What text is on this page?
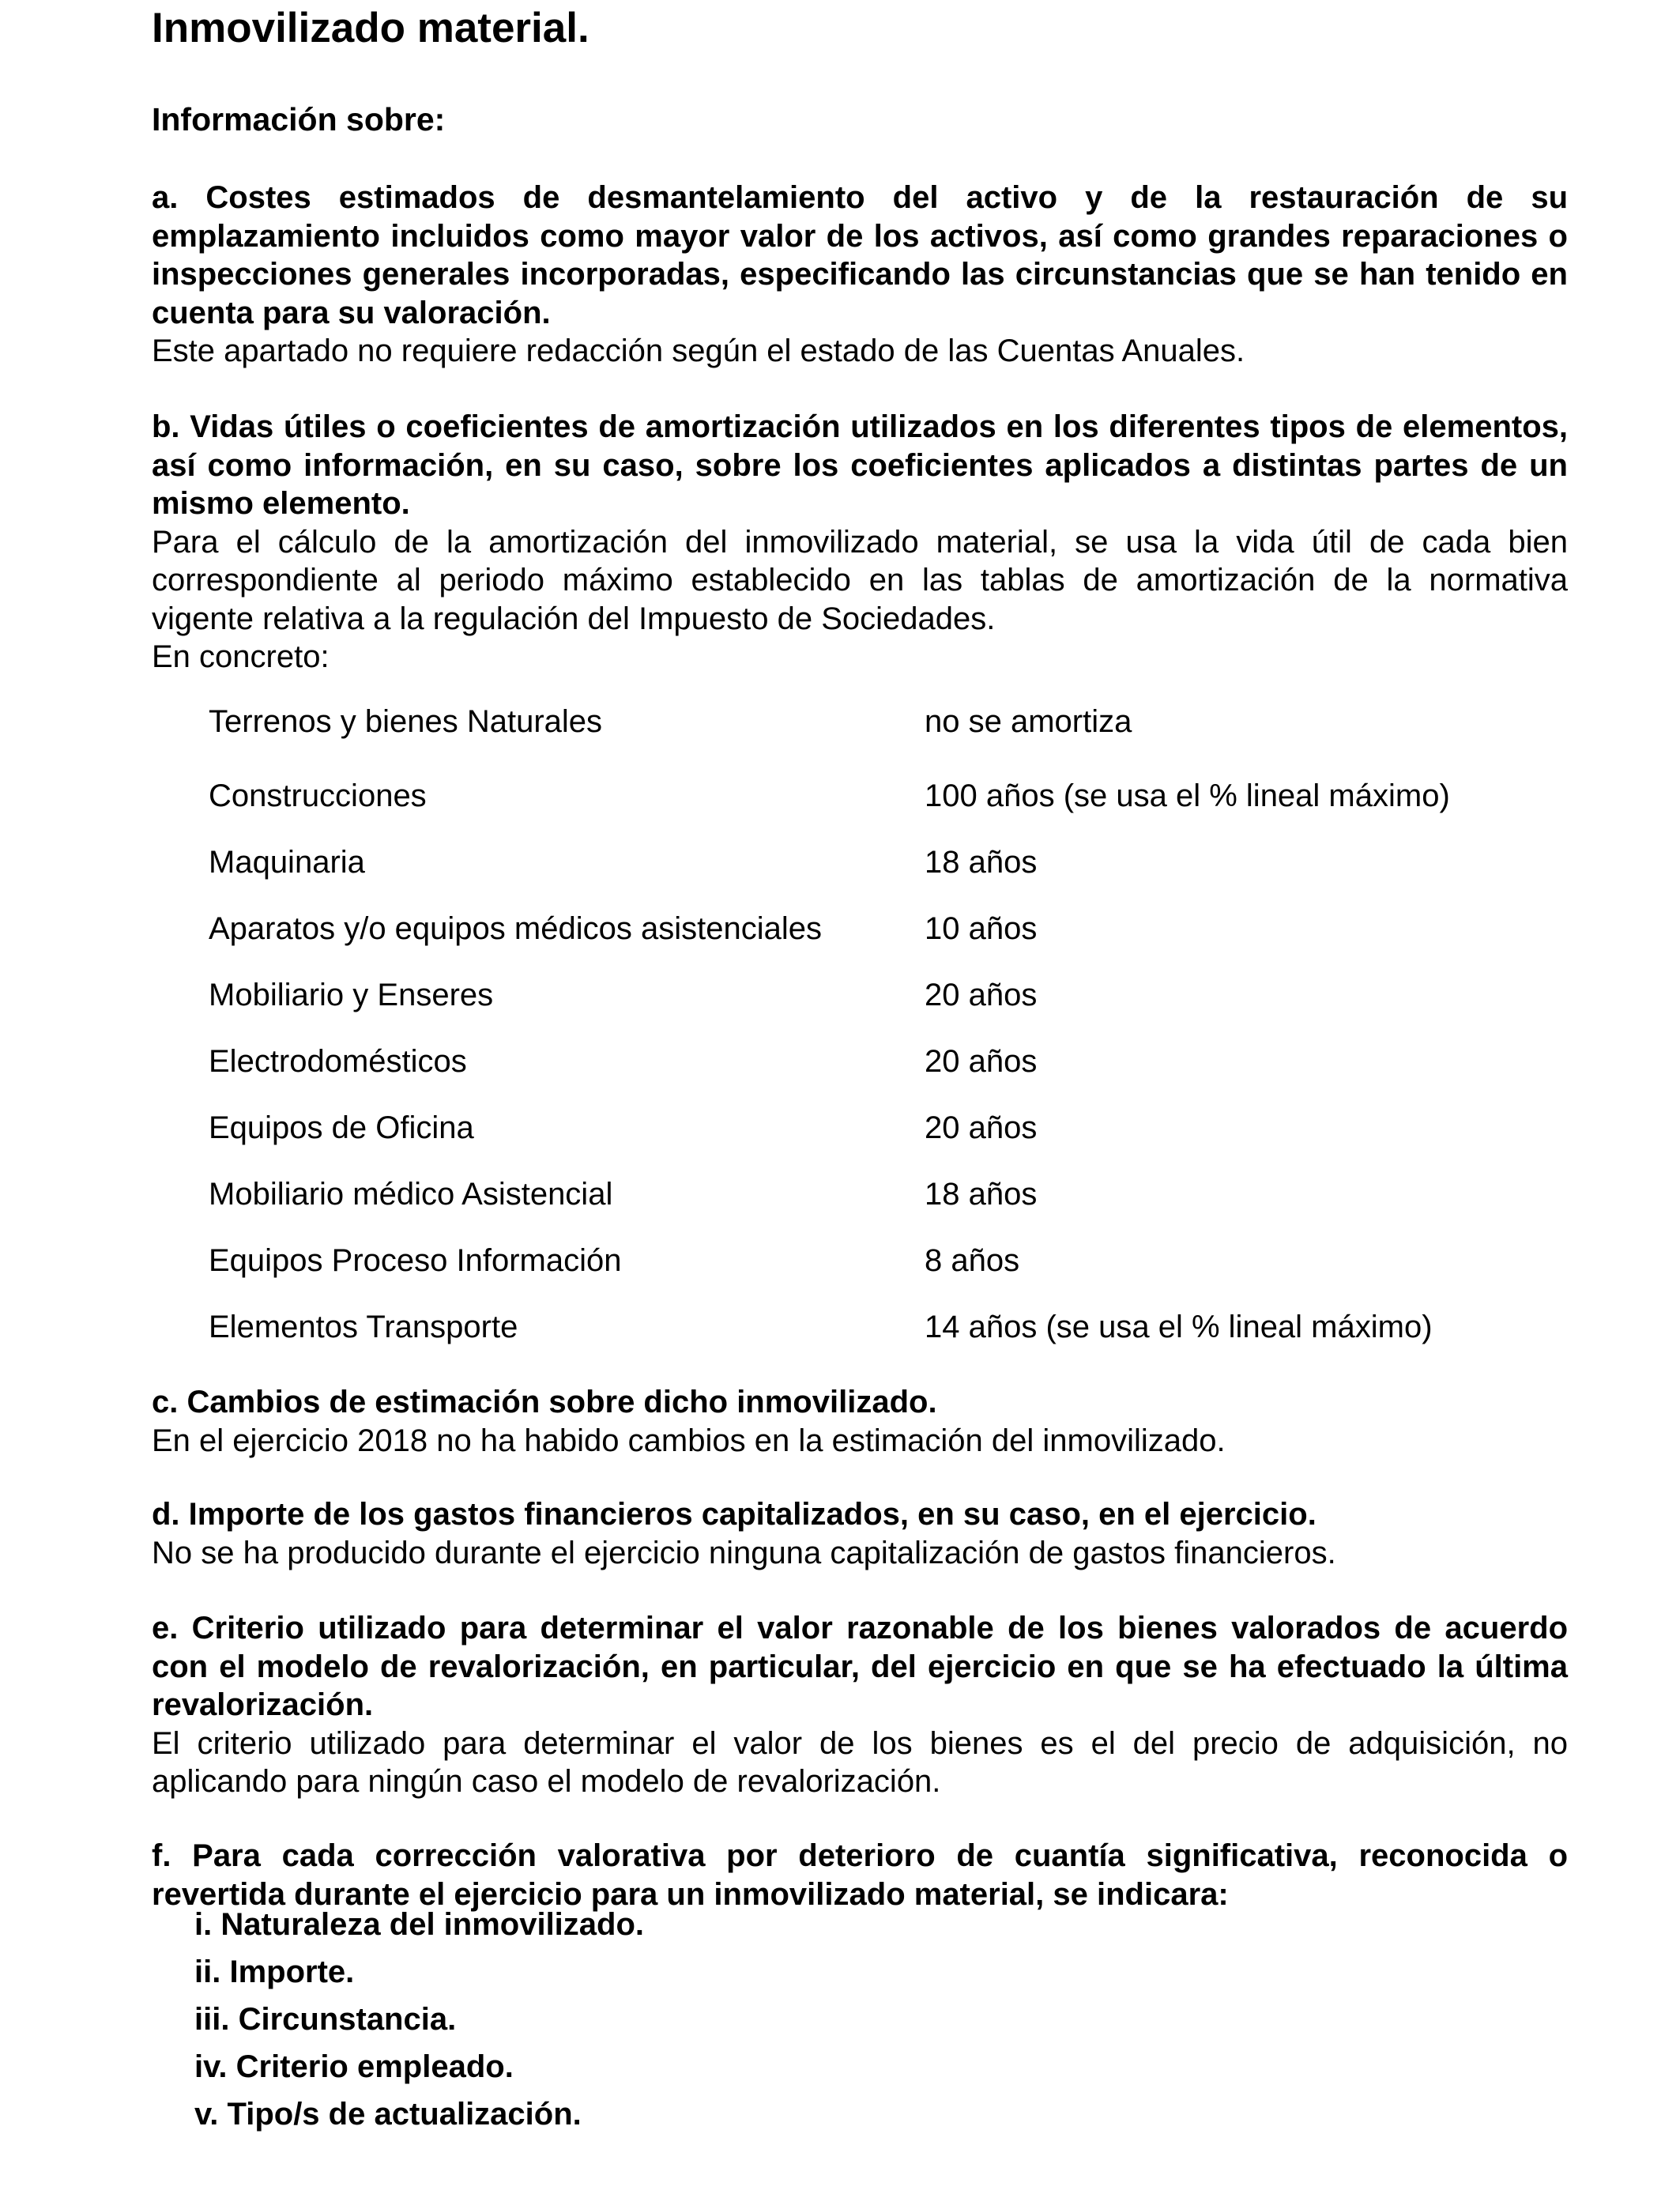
Inmovilizado material.
Información sobre:

a. Costes estimados de desmantelamiento del activo y de la restauración de su emplazamiento incluidos como mayor valor de los activos, así como grandes reparaciones o inspecciones generales incorporadas, especificando las circunstancias que se han tenido en cuenta para su valoración.

Este apartado no requiere redacción según el estado de las Cuentas Anuales.

b. Vidas útiles o coeficientes de amortización utilizados en los diferentes tipos de elementos, así como información, en su caso, sobre los coeficientes aplicados a distintas partes de un mismo elemento.

Para el cálculo de la amortización del inmovilizado material, se usa la vida útil de cada bien correspondiente al periodo máximo establecido en las tablas de amortización de la normativa vigente relativa a la regulación del Impuesto de Sociedades.

En concreto:

Terrenos y bienes Naturales	no se amortiza
Construcciones	100 años (se usa el % lineal máximo)
Maquinaria	18 años
Aparatos y/o equipos médicos asistenciales	10 años
Mobiliario y Enseres	20 años
Electrodomésticos	20 años
Equipos de Oficina	20 años
Mobiliario médico Asistencial	18 años
Equipos Proceso Información	8 años
Elementos Transporte	14 años (se usa el % lineal máximo)

c. Cambios de estimación sobre dicho inmovilizado.

En el ejercicio 2018 no ha habido cambios en la estimación del inmovilizado.

d. Importe de los gastos financieros capitalizados, en su caso, en el ejercicio.

No se ha producido durante el ejercicio ninguna capitalización de gastos financieros.

e. Criterio utilizado para determinar el valor razonable de los bienes valorados de acuerdo con el modelo de revalorización, en particular, del ejercicio en que se ha efectuado la última revalorización.

El criterio utilizado para determinar el valor de los bienes es el del precio de adquisición, no aplicando para ningún caso el modelo de revalorización.

f. Para cada corrección valorativa por deterioro de cuantía significativa, reconocida o revertida durante el ejercicio para un inmovilizado material, se indicara:

i. Naturaleza del inmovilizado.
ii. Importe.
iii. Circunstancia.
iv. Criterio empleado.
v. Tipo/s de actualización.
